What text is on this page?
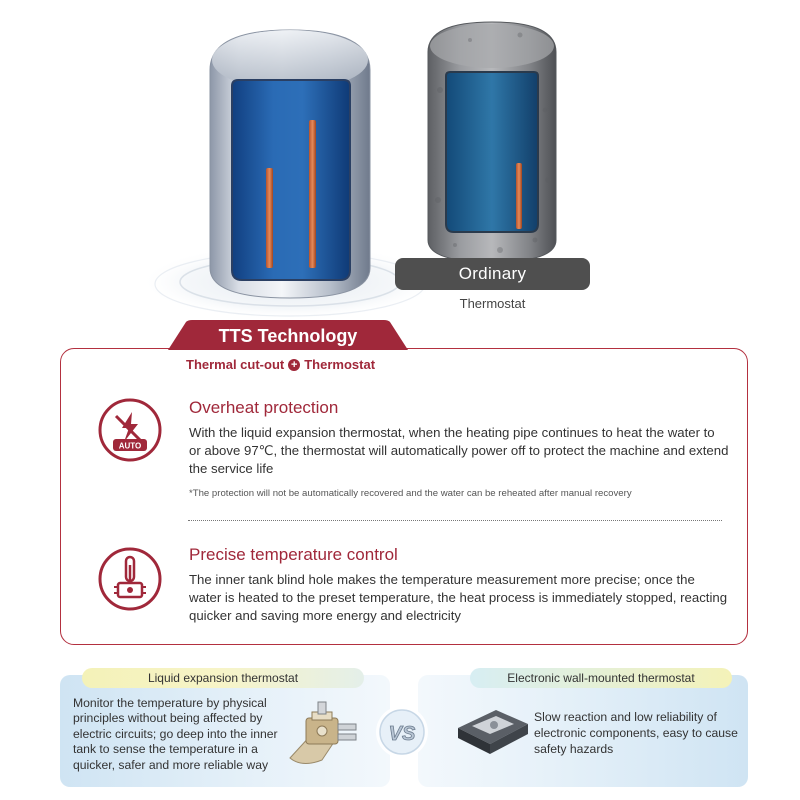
Ordinary
Thermostat
TTS Technology
Thermal cut-out + Thermostat
AUTO
Overheat protection
With the liquid expansion thermostat, when the heating pipe continues to heat the water to or above 97℃, the thermostat will automatically power off to protect the machine and extend the service life
*The protection will not be automatically recovered and the water can be reheated after manual recovery
Precise temperature control
The inner tank blind hole makes the temperature measurement more precise; once the water is heated to the preset temperature, the heat process is immediately stopped, reacting quicker and saving more energy and electricity
Liquid expansion thermostat	Electronic wall-mounted thermostat
Monitor the temperature by physical principles without being affected by electric circuits; go deep into the inner tank to sense the temperature in a quicker, safer and more reliable way
VS
Slow reaction and low reliability of electronic components, easy to cause safety hazards
